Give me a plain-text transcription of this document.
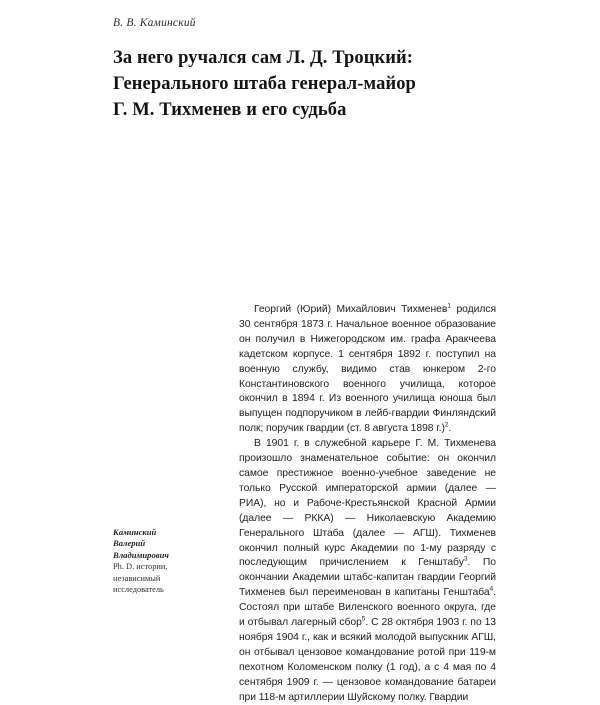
В. В. Каминский
За него ручался сам Л. Д. Троцкий:
Генерального штаба генерал-майор
Г. М. Тихменев и его судьба
Каминский
Валерий
Владимирович
Ph. D. истории,
независимый
исследователь

Георгий (Юрий) Михайлович Тихменев$^1$ родился 30 сентября 1873 г. Начальное военное образование он получил в Нижегородском им. графа Аракчеева кадетском корпусе. 1 сентября 1892 г. поступил на военную службу, видимо став юнкером 2-го Константиновского военного училища, которое окончил в 1894 г. Из военного училища юноша был выпущен подпоручиком в лейб-гвардии Финляндский полк; поручик гвардии (ст. 8 августа 1898 г.)$^2$.

В 1901 г. в служебной карьере Г. М. Тихменева произошло знаменательное событие: он окончил самое престижное военно-учебное заведение не только Русской императорской армии (далее — РИА), но и Рабоче-Крестьянской Красной Армии (далее — РККА) — Николаевскую Академию Генерального Штаба (далее — АГШ). Тихменев окончил полный курс Академии по 1-му разряду с последующим причислением к Генштабу$^3$. По окончании Академии штабс-капитан гвардии Георгий Тихменев был переименован в капитаны Генштаба$^4$. Состоял при штабе Виленского военного округа, где и отбывал лагерный сбор$^5$. С 28 октября 1903 г. по 13 ноября 1904 г., как и всякий молодой выпускник АГШ, он отбывал цензовое командование ротой при 119-м пехотном Коломенском полку (1 год), а с 4 мая по 4 сентября 1909 г. — цензовое командование батареи при 118-м артиллерии Шуйскому полку. Гвардии
